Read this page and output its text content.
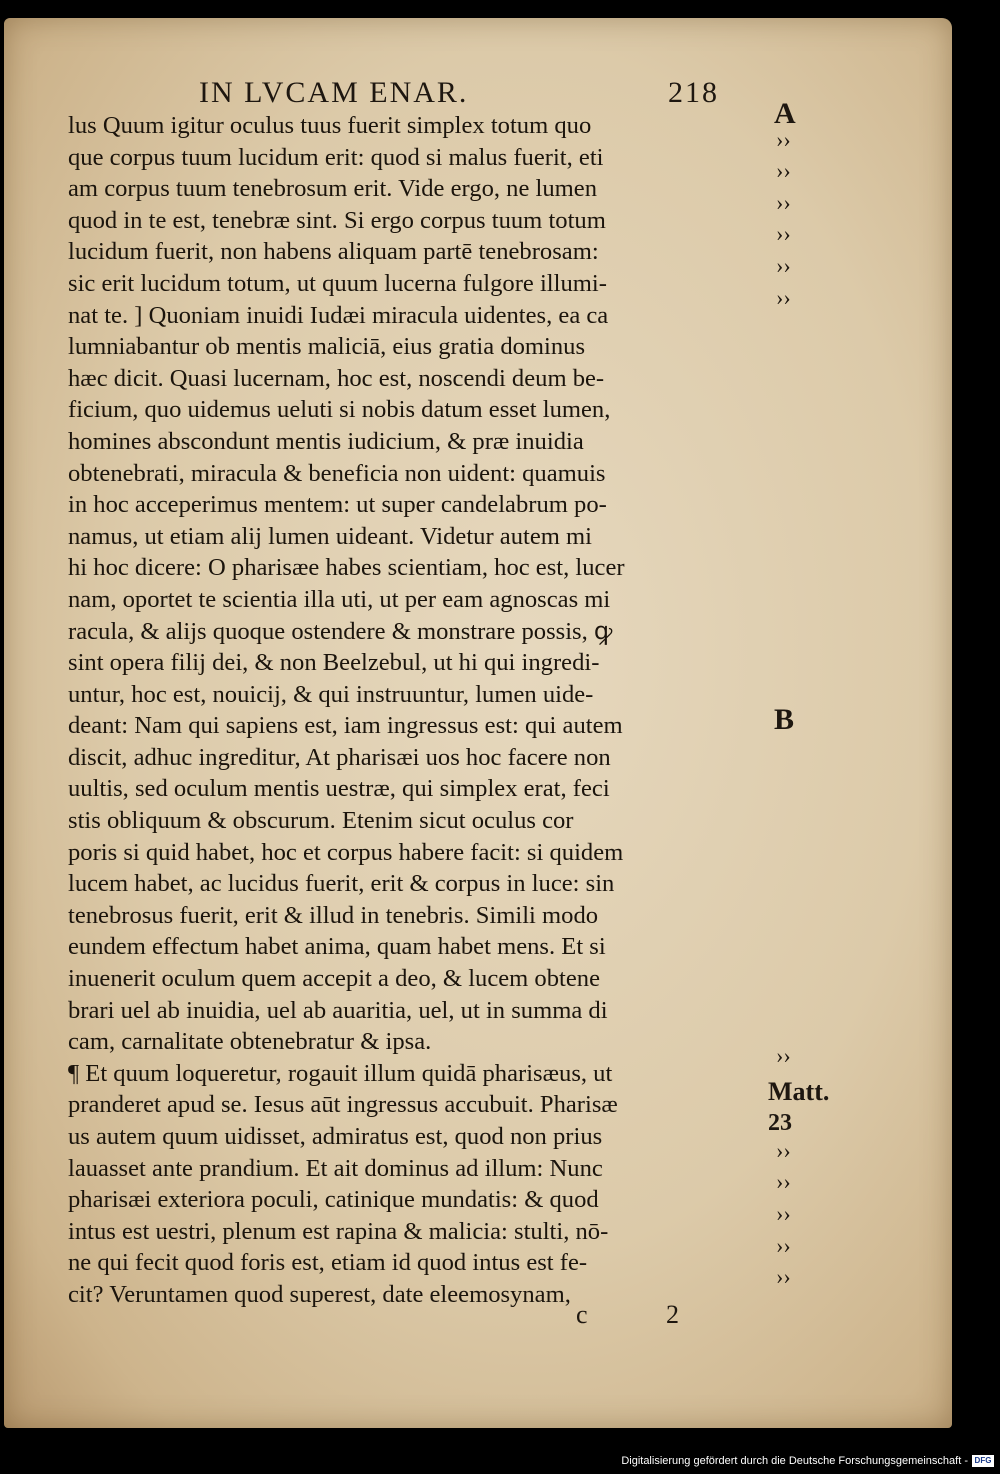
IN LVCAM ENAR.	218
lus Quum igitur oculus tuus fuerit simplex totum quo
que corpus tuum lucidum erit: quod si malus fuerit, eti
am corpus tuum tenebrosum erit. Vide ergo, ne lumen
quod in te est, tenebræ sint. Si ergo corpus tuum totum
lucidum fuerit, non habens aliquam partē tenebrosam:
sic erit lucidum totum, ut quum lucerna fulgore illumi-
nat te. ] Quoniam inuidi Iudæi miracula uidentes, ea ca
lumniabantur ob mentis maliciā, eius gratia dominus
hæc dicit. Quasi lucernam, hoc est, noscendi deum be-
ficium, quo uidemus ueluti si nobis datum esset lumen,
homines abscondunt mentis iudicium, & præ inuidia
obtenebrati, miracula & beneficia non uident: quamuis
in hoc acceperimus mentem: ut super candelabrum po-
namus, ut etiam alij lumen uideant. Videtur autem mi
hi hoc dicere: O pharisæe habes scientiam, hoc est, lucer
nam, oportet te scientia illa uti, ut per eam agnoscas mi
racula, & alijs quoque ostendere & monstrare possis, ꝙ
sint opera filij dei, & non Beelzebul, ut hi qui ingredi-
untur, hoc est, nouicij, & qui instruuntur, lumen uide-
deant: Nam qui sapiens est, iam ingressus est: qui autem
discit, adhuc ingreditur, At pharisæi uos hoc facere non
uultis, sed oculum mentis uestræ, qui simplex erat, feci
stis obliquum & obscurum. Etenim sicut oculus cor
poris si quid habet, hoc et corpus habere facit: si quidem
lucem habet, ac lucidus fuerit, erit & corpus in luce: sin
tenebrosus fuerit, erit & illud in tenebris. Simili modo
eundem effectum habet anima, quam habet mens. Et si
inuenerit oculum quem accepit a deo, & lucem obtene
brari uel ab inuidia, uel ab auaritia, uel, ut in summa di
cam, carnalitate obtenebratur & ipsa.
¶ Et quum loqueretur, rogauit illum quidā pharisæus, ut
pranderet apud se. Iesus aūt ingressus accubuit. Pharisæ
us autem quum uidisset, admiratus est, quod non prius
lauasset ante prandium. Et ait dominus ad illum: Nunc
pharisæi exteriora poculi, catinique mundatis: & quod
intus est uestri, plenum est rapina & malicia: stulti, nō-
ne qui fecit quod foris est, etiam id quod intus est fe-
cit? Veruntamen quod superest, date eleemosynam,
A
B
Matt.
23
››
››
››
››
››
››
››
››
››
››
››
››
c	2
Digitalisierung gefördert durch die Deutsche Forschungsgemeinschaft - DFG
